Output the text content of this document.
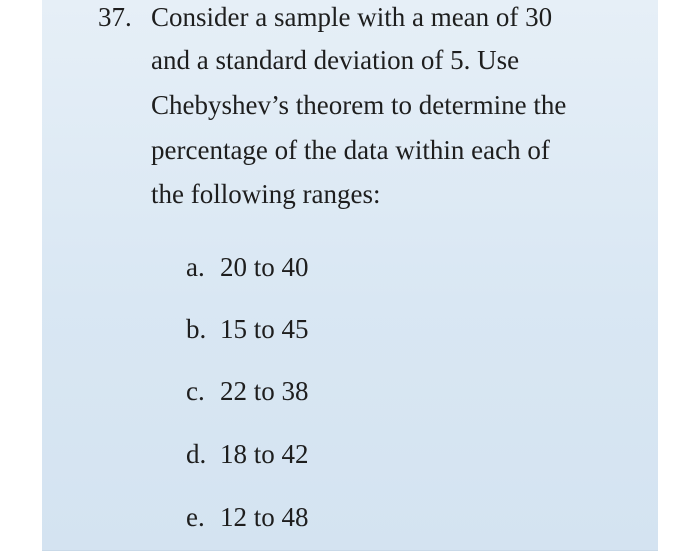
37. Consider a sample with a mean of 30
and a standard deviation of 5. Use
Chebyshev’s theorem to determine the
percentage of the data within each of
the following ranges:
a. 20 to 40
b. 15 to 45
c. 22 to 38
d. 18 to 42
e. 12 to 48
